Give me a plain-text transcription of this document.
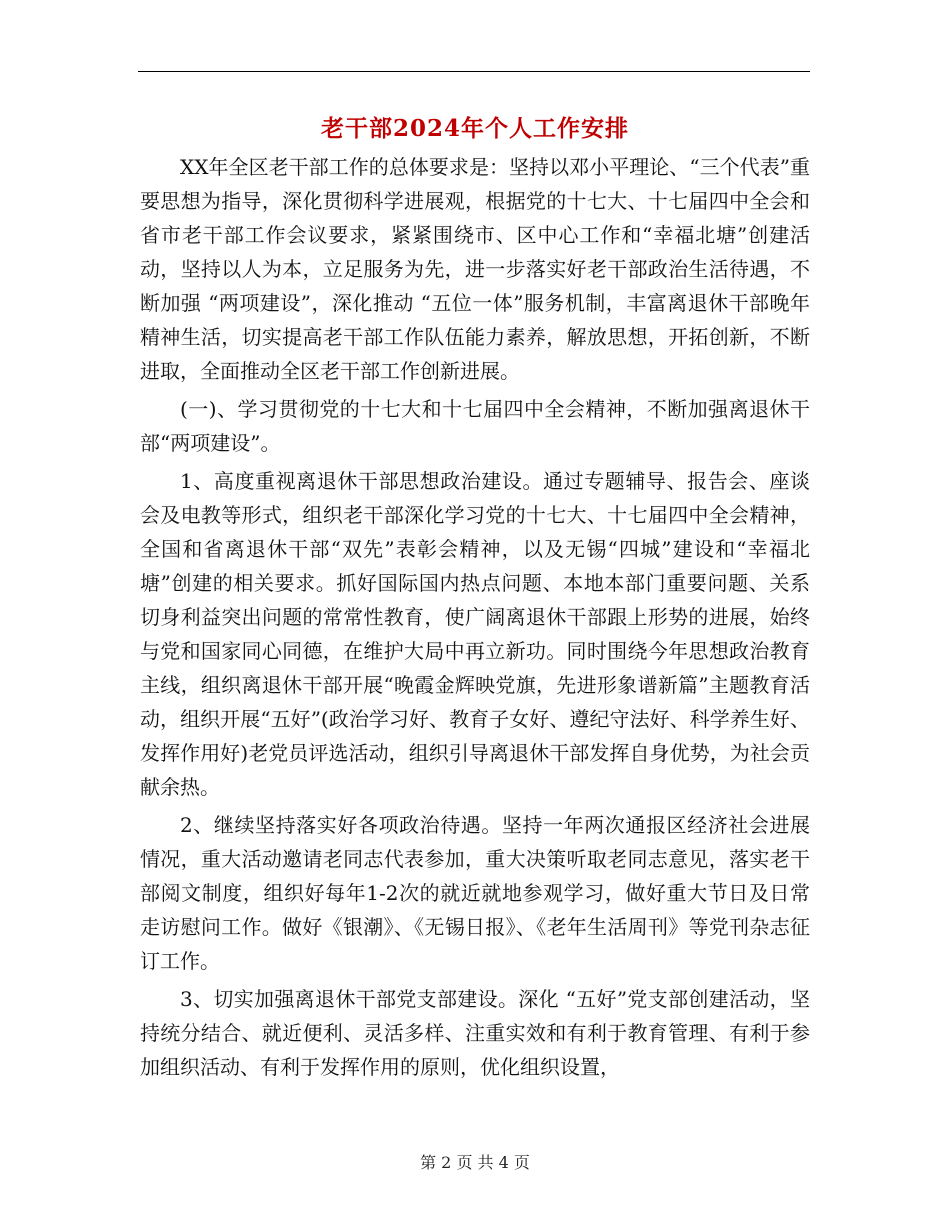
老干部2024年个人工作安排

XX年全区老干部工作的总体要求是：坚持以邓小平理论、“三个代表”重要思想为指导，深化贯彻科学进展观，根据党的十七大、十七届四中全会和省市老干部工作会议要求，紧紧围绕市、区中心工作和“幸福北塘”创建活动，坚持以人为本，立足服务为先，进一步落实好老干部政治生活待遇，不断加强 “两项建设”，深化推动 “五位一体”服务机制，丰富离退休干部晚年精神生活，切实提高老干部工作队伍能力素养，解放思想，开拓创新，不断进取，全面推动全区老干部工作创新进展。

(一)、学习贯彻党的十七大和十七届四中全会精神，不断加强离退休干部“两项建设”。

1、高度重视离退休干部思想政治建设。通过专题辅导、报告会、座谈会及电教等形式，组织老干部深化学习党的十七大、十七届四中全会精神，全国和省离退休干部“双先”表彰会精神，以及无锡“四城”建设和“幸福北塘”创建的相关要求。抓好国际国内热点问题、本地本部门重要问题、关系切身利益突出问题的常常性教育，使广阔离退休干部跟上形势的进展，始终与党和国家同心同德，在维护大局中再立新功。同时围绕今年思想政治教育主线，组织离退休干部开展“晚霞金辉映党旗，先进形象谱新篇”主题教育活动，组织开展“五好”(政治学习好、教育子女好、遵纪守法好、科学养生好、发挥作用好)老党员评选活动，组织引导离退休干部发挥自身优势，为社会贡献余热。

2、继续坚持落实好各项政治待遇。坚持一年两次通报区经济社会进展情况，重大活动邀请老同志代表参加，重大决策听取老同志意见，落实老干部阅文制度，组织好每年1-2次的就近就地参观学习，做好重大节日及日常走访慰问工作。做好《银潮》、《无锡日报》、《老年生活周刊》等党刊杂志征订工作。

3、切实加强离退休干部党支部建设。深化 “五好”党支部创建活动，坚持统分结合、就近便利、灵活多样、注重实效和有利于教育管理、有利于参加组织活动、有利于发挥作用的原则，优化组织设置，

第 2 页 共 4 页
